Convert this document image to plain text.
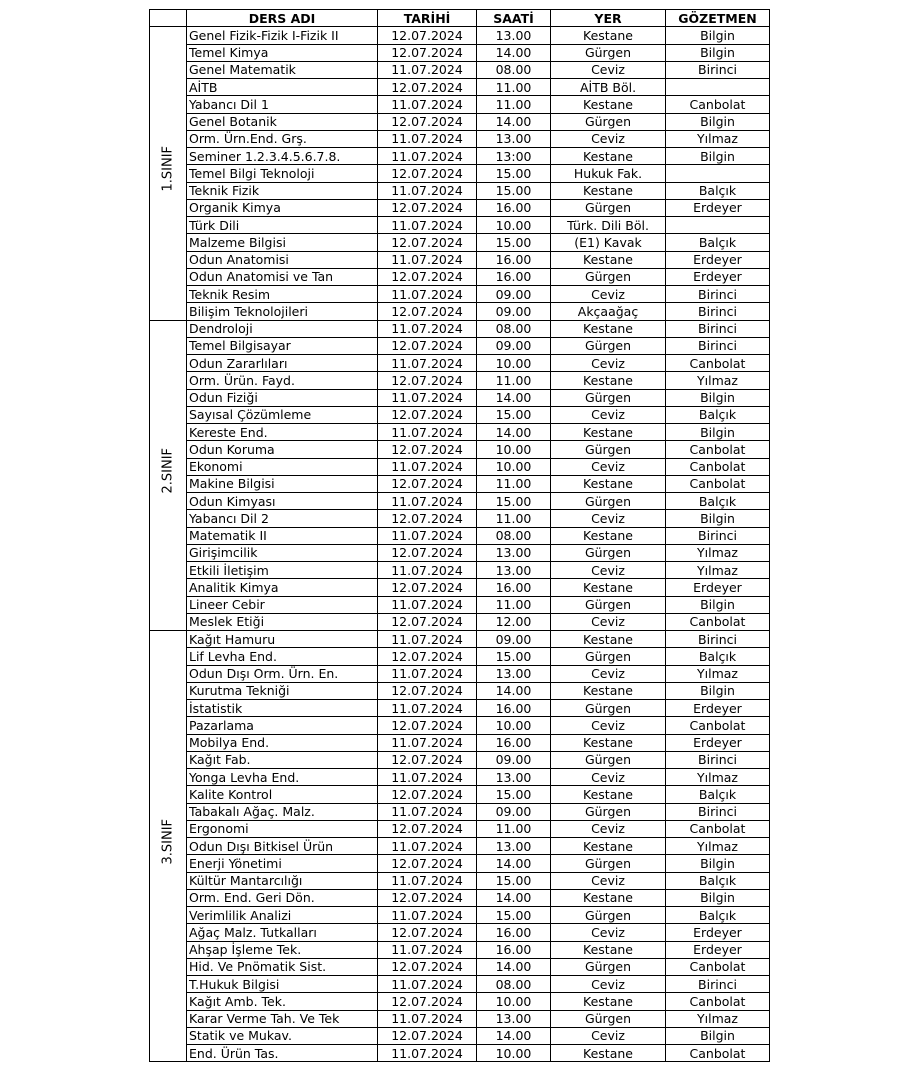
	DERS ADI	TARİHİ	SAATİ	YER	GÖZETMEN

1.SINIF	Genel Fizik-Fizik I-Fizik II	12.07.2024	13.00	Kestane	Bilgin
	Temel Kimya	12.07.2024	14.00	Gürgen	Bilgin
	Genel Matematik	11.07.2024	08.00	Ceviz	Birinci
	AİTB	12.07.2024	11.00	AİTB Böl.	
	Yabancı Dil 1	11.07.2024	11.00	Kestane	Canbolat
	Genel Botanik	12.07.2024	14.00	Gürgen	Bilgin
	Orm. Ürn.End. Grş.	11.07.2024	13.00	Ceviz	Yılmaz
	Seminer 1.2.3.4.5.6.7.8.	11.07.2024	13:00	Kestane	Bilgin
	Temel Bilgi Teknoloji	12.07.2024	15.00	Hukuk Fak.	
	Teknik Fizik	11.07.2024	15.00	Kestane	Balçık
	Organik Kimya	12.07.2024	16.00	Gürgen	Erdeyer
	Türk Dili	11.07.2024	10.00	Türk. Dili Böl.	
	Malzeme Bilgisi	12.07.2024	15.00	(E1) Kavak	Balçık
	Odun Anatomisi	11.07.2024	16.00	Kestane	Erdeyer
	Odun Anatomisi ve Tan	12.07.2024	16.00	Gürgen	Erdeyer
	Teknik Resim	11.07.2024	09.00	Ceviz	Birinci
	Bilişim Teknolojileri	12.07.2024	09.00	Akçaağaç	Birinci

2.SINIF	Dendroloji	11.07.2024	08.00	Kestane	Birinci
	Temel Bilgisayar	12.07.2024	09.00	Gürgen	Birinci
	Odun Zararlıları	11.07.2024	10.00	Ceviz	Canbolat
	Orm. Ürün. Fayd.	12.07.2024	11.00	Kestane	Yılmaz
	Odun Fiziği	11.07.2024	14.00	Gürgen	Bilgin
	Sayısal Çözümleme	12.07.2024	15.00	Ceviz	Balçık
	Kereste End.	11.07.2024	14.00	Kestane	Bilgin
	Odun Koruma	12.07.2024	10.00	Gürgen	Canbolat
	Ekonomi	11.07.2024	10.00	Ceviz	Canbolat
	Makine Bilgisi	12.07.2024	11.00	Kestane	Canbolat
	Odun Kimyası	11.07.2024	15.00	Gürgen	Balçık
	Yabancı Dil 2	12.07.2024	11.00	Ceviz	Bilgin
	Matematik II	11.07.2024	08.00	Kestane	Birinci
	Girişimcilik	12.07.2024	13.00	Gürgen	Yılmaz
	Etkili İletişim	11.07.2024	13.00	Ceviz	Yılmaz
	Analitik Kimya	12.07.2024	16.00	Kestane	Erdeyer
	Lineer Cebir	11.07.2024	11.00	Gürgen	Bilgin
	Meslek Etiği	12.07.2024	12.00	Ceviz	Canbolat

3.SINIF	Kağıt Hamuru	11.07.2024	09.00	Kestane	Birinci
	Lif Levha End.	12.07.2024	15.00	Gürgen	Balçık
	Odun Dışı Orm. Ürn. En.	11.07.2024	13.00	Ceviz	Yılmaz
	Kurutma Tekniği	12.07.2024	14.00	Kestane	Bilgin
	İstatistik	11.07.2024	16.00	Gürgen	Erdeyer
	Pazarlama	12.07.2024	10.00	Ceviz	Canbolat
	Mobilya End.	11.07.2024	16.00	Kestane	Erdeyer
	Kağıt Fab.	12.07.2024	09.00	Gürgen	Birinci
	Yonga Levha End.	11.07.2024	13.00	Ceviz	Yılmaz
	Kalite Kontrol	12.07.2024	15.00	Kestane	Balçık
	Tabakalı Ağaç. Malz.	11.07.2024	09.00	Gürgen	Birinci
	Ergonomi	12.07.2024	11.00	Ceviz	Canbolat
	Odun Dışı Bitkisel Ürün	11.07.2024	13.00	Kestane	Yılmaz
	Enerji Yönetimi	12.07.2024	14.00	Gürgen	Bilgin
	Kültür Mantarcılığı	11.07.2024	15.00	Ceviz	Balçık
	Orm. End. Geri Dön.	12.07.2024	14.00	Kestane	Bilgin
	Verimlilik Analizi	11.07.2024	15.00	Gürgen	Balçık
	Ağaç Malz. Tutkalları	12.07.2024	16.00	Ceviz	Erdeyer
	Ahşap İşleme Tek.	11.07.2024	16.00	Kestane	Erdeyer
	Hid. Ve Pnömatik Sist.	12.07.2024	14.00	Gürgen	Canbolat
	T.Hukuk Bilgisi	11.07.2024	08.00	Ceviz	Birinci
	Kağıt Amb. Tek.	12.07.2024	10.00	Kestane	Canbolat
	Karar Verme Tah. Ve Tek	11.07.2024	13.00	Gürgen	Yılmaz
	Statik ve Mukav.	12.07.2024	14.00	Ceviz	Bilgin
	End. Ürün Tas.	11.07.2024	10.00	Kestane	Canbolat
